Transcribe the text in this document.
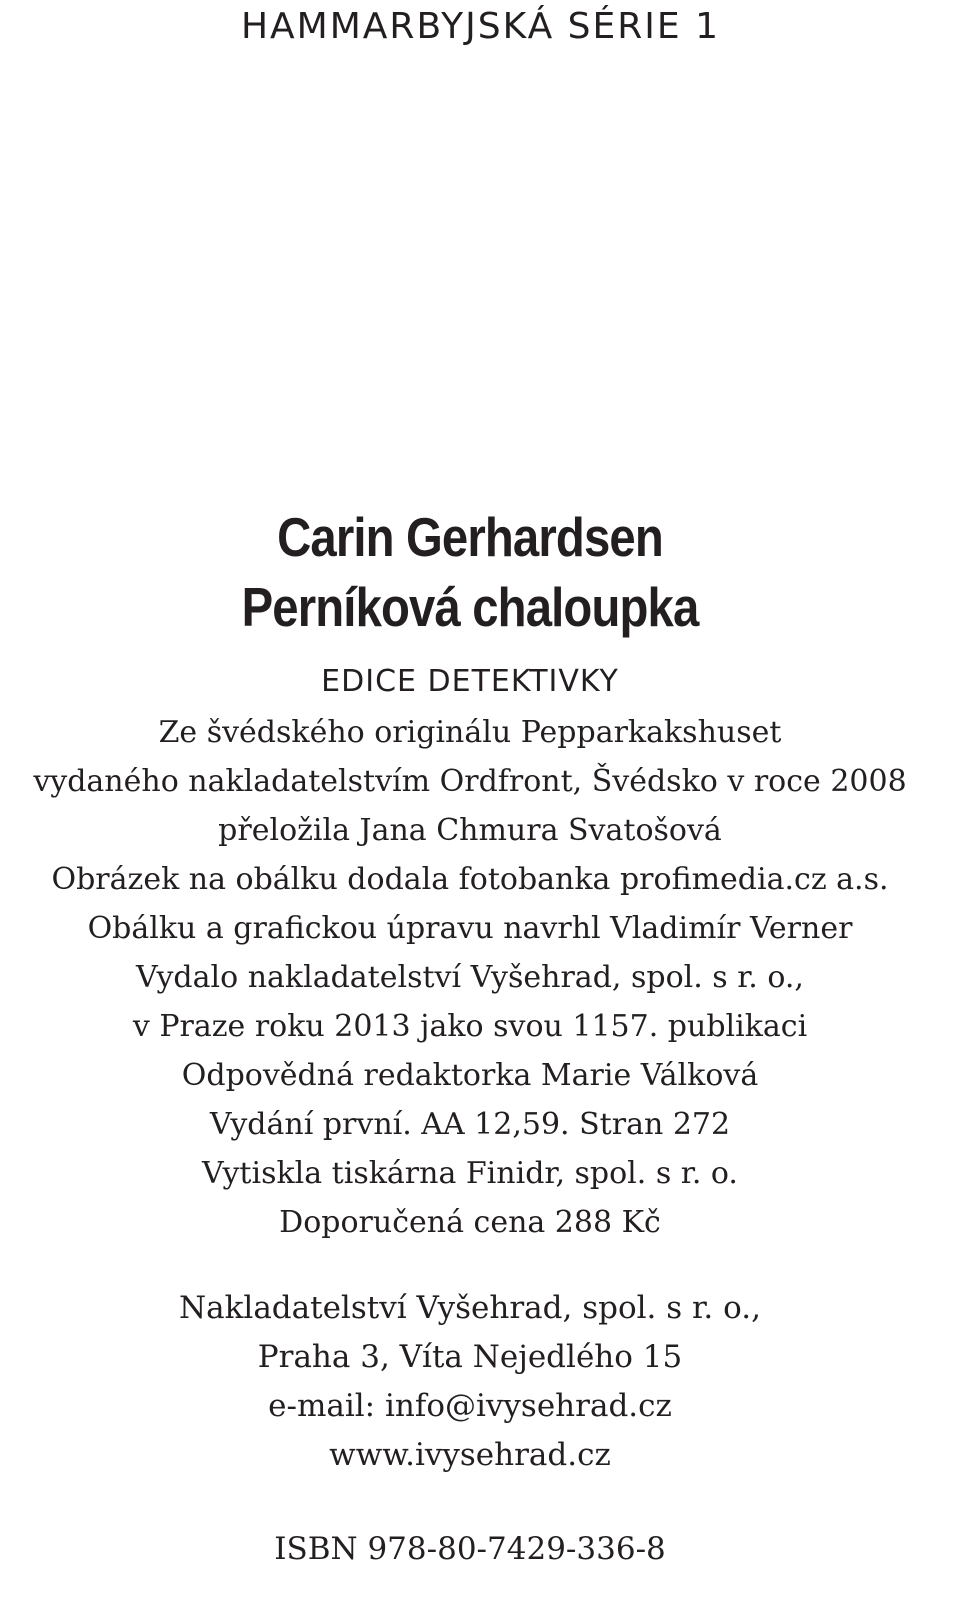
HAMMARBYJSKÁ SÉRIE 1
Carin Gerhardsen
Perníková chaloupka
EDICE DETEKTIVKY
Ze švédského originálu Pepparkakshuset
vydaného nakladatelstvím Ordfront, Švédsko v roce 2008
přeložila Jana Chmura Svatošová
Obrázek na obálku dodala fotobanka profimedia.cz a.s.
Obálku a grafickou úpravu navrhl Vladimír Verner
Vydalo nakladatelství Vyšehrad, spol. s r. o.,
v Praze roku 2013 jako svou 1157. publikaci
Odpovědná redaktorka Marie Válková
Vydání první. AA 12,59. Stran 272
Vytiskla tiskárna Finidr, spol. s r. o.
Doporučená cena 288 Kč
Nakladatelství Vyšehrad, spol. s r. o.,
Praha 3, Víta Nejedlého 15
e-mail: info@ivysehrad.cz
www.ivysehrad.cz
ISBN 978-80-7429-336-8
